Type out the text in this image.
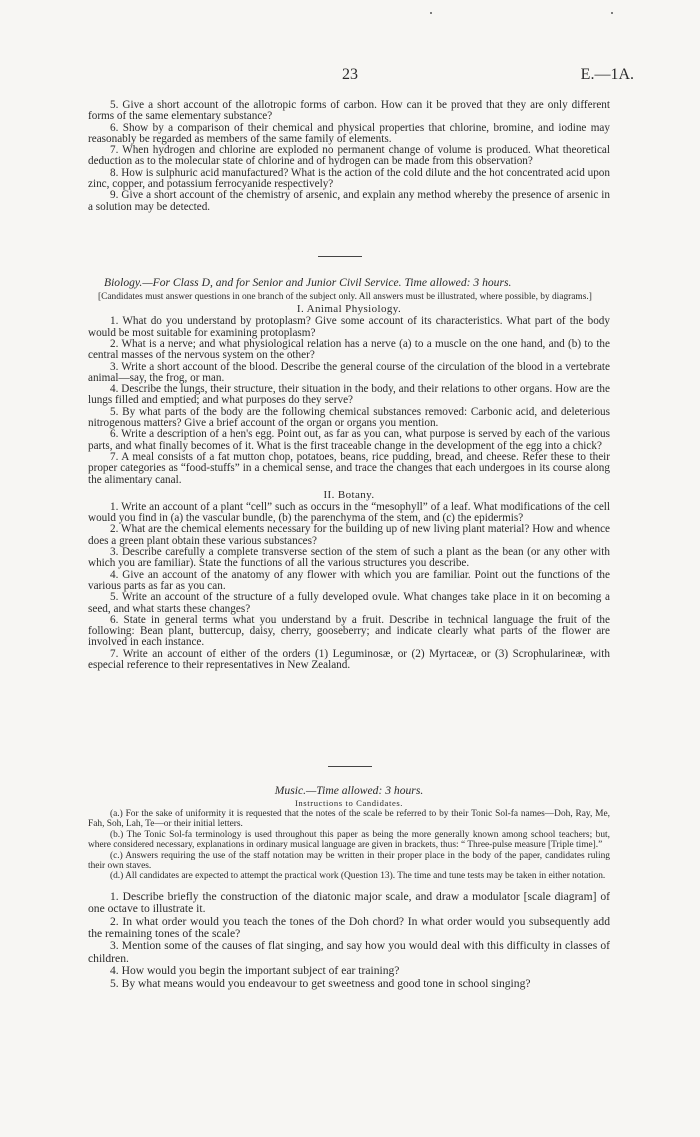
23	E.—1A.

5. Give a short account of the allotropic forms of carbon. How can it be proved that they are only different forms of the same elementary substance?

6. Show by a comparison of their chemical and physical properties that chlorine, bromine, and iodine may reasonably be regarded as members of the same family of elements.

7. When hydrogen and chlorine are exploded no permanent change of volume is produced. What theoretical deduction as to the molecular state of chlorine and of hydrogen can be made from this observation?

8. How is sulphuric acid manufactured? What is the action of the cold dilute and the hot concentrated acid upon zinc, copper, and potassium ferrocyanide respectively?

9. Give a short account of the chemistry of arsenic, and explain any method whereby the presence of arsenic in a solution may be detected.

Biology.—For Class D, and for Senior and Junior Civil Service. Time allowed: 3 hours.

[Candidates must answer questions in one branch of the subject only. All answers must be illustrated, where possible, by diagrams.]

I. Animal Physiology.

1. What do you understand by protoplasm? Give some account of its characteristics. What part of the body would be most suitable for examining protoplasm?

2. What is a nerve; and what physiological relation has a nerve (a) to a muscle on the one hand, and (b) to the central masses of the nervous system on the other?

3. Write a short account of the blood. Describe the general course of the circulation of the blood in a vertebrate animal—say, the frog, or man.

4. Describe the lungs, their structure, their situation in the body, and their relations to other organs. How are the lungs filled and emptied; and what purposes do they serve?

5. By what parts of the body are the following chemical substances removed: Carbonic acid, and deleterious nitrogenous matters? Give a brief account of the organ or organs you mention.

6. Write a description of a hen's egg. Point out, as far as you can, what purpose is served by each of the various parts, and what finally becomes of it. What is the first traceable change in the development of the egg into a chick?

7. A meal consists of a fat mutton chop, potatoes, beans, rice pudding, bread, and cheese. Refer these to their proper categories as “food-stuffs” in a chemical sense, and trace the changes that each undergoes in its course along the alimentary canal.

II. Botany.

1. Write an account of a plant “cell” such as occurs in the “mesophyll” of a leaf. What modifications of the cell would you find in (a) the vascular bundle, (b) the parenchyma of the stem, and (c) the epidermis?

2. What are the chemical elements necessary for the building up of new living plant material? How and whence does a green plant obtain these various substances?

3. Describe carefully a complete transverse section of the stem of such a plant as the bean (or any other with which you are familiar). State the functions of all the various structures you describe.

4. Give an account of the anatomy of any flower with which you are familiar. Point out the functions of the various parts as far as you can.

5. Write an account of the structure of a fully developed ovule. What changes take place in it on becoming a seed, and what starts these changes?

6. State in general terms what you understand by a fruit. Describe in technical language the fruit of the following: Bean plant, buttercup, daisy, cherry, gooseberry; and indicate clearly what parts of the flower are involved in each instance.

7. Write an account of either of the orders (1) Leguminosæ, or (2) Myrtaceæ, or (3) Scrophularineæ, with especial reference to their representatives in New Zealand.

Music.—Time allowed: 3 hours.

Instructions to Candidates.

(a.) For the sake of uniformity it is requested that the notes of the scale be referred to by their Tonic Sol-fa names—Doh, Ray, Me, Fah, Soh, Lah, Te—or their initial letters.

(b.) The Tonic Sol-fa terminology is used throughout this paper as being the more generally known among school teachers; but, where considered necessary, explanations in ordinary musical language are given in brackets, thus: “ Three-pulse measure [Triple time].”

(c.) Answers requiring the use of the staff notation may be written in their proper place in the body of the paper, candidates ruling their own staves.

(d.) All candidates are expected to attempt the practical work (Question 13). The time and tune tests may be taken in either notation.

1. Describe briefly the construction of the diatonic major scale, and draw a modulator [scale diagram] of one octave to illustrate it.

2. In what order would you teach the tones of the Doh chord? In what order would you subsequently add the remaining tones of the scale?

3. Mention some of the causes of flat singing, and say how you would deal with this difficulty in classes of children.

4. How would you begin the important subject of ear training?

5. By what means would you endeavour to get sweetness and good tone in school singing?
